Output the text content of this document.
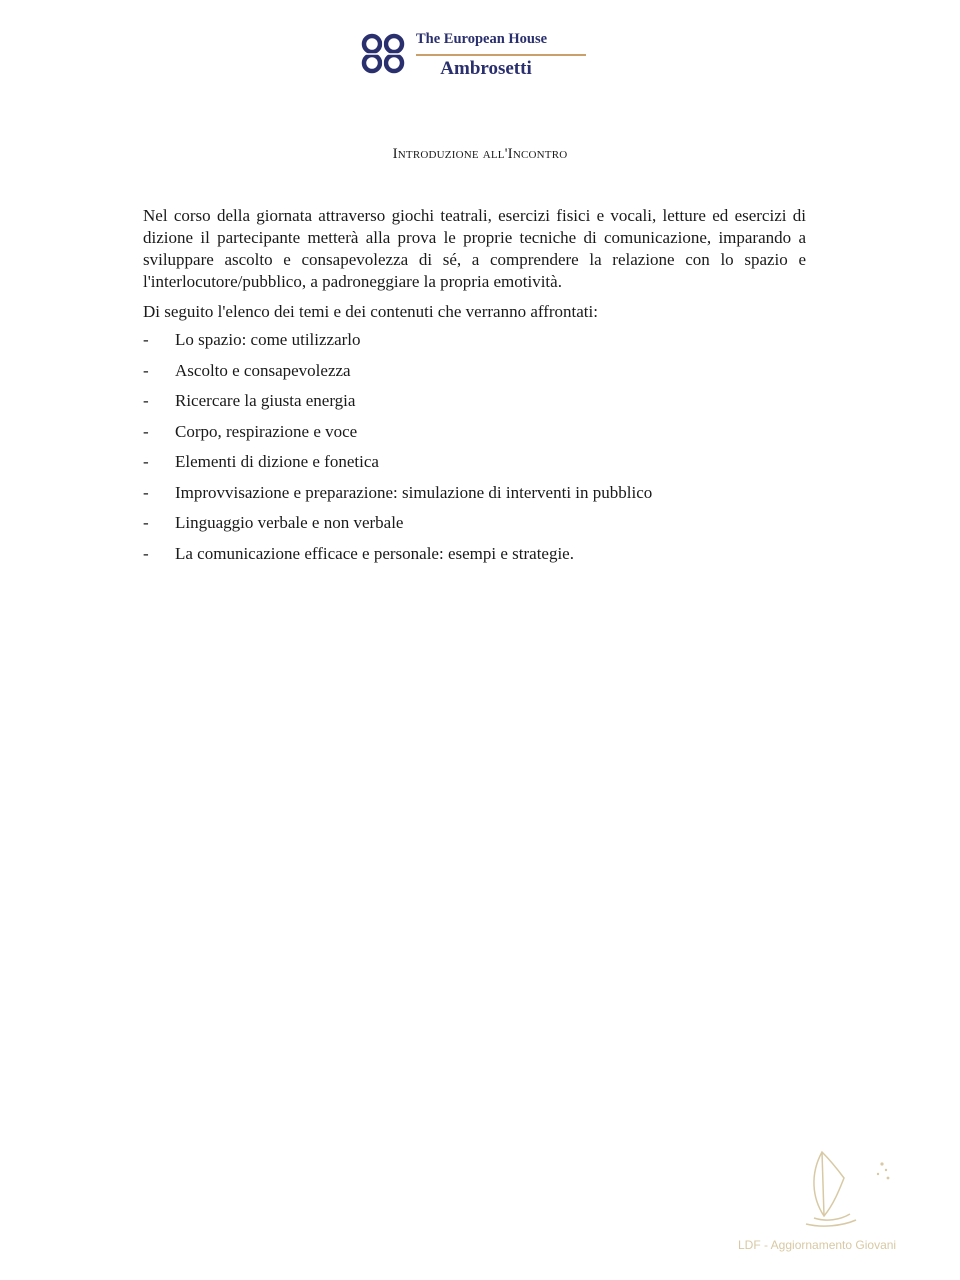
The European House
Ambrosetti
Introduzione all'Incontro

Nel corso della giornata attraverso giochi teatrali, esercizi fisici e vocali, letture ed esercizi di dizione il partecipante metterà alla prova le proprie tecniche di comunicazione, imparando a sviluppare ascolto e consapevolezza di sé, a comprendere la relazione con lo spazio e l'interlocutore/pubblico, a padroneggiare la propria emotività.

Di seguito l'elenco dei temi e dei contenuti che verranno affrontati:

- Lo spazio: come utilizzarlo
- Ascolto e consapevolezza
- Ricercare la giusta energia
- Corpo, respirazione e voce
- Elementi di dizione e fonetica
- Improvvisazione e preparazione: simulazione di interventi in pubblico
- Linguaggio verbale e non verbale
- La comunicazione efficace e personale: esempi e strategie.
LDF - Aggiornamento Giovani
